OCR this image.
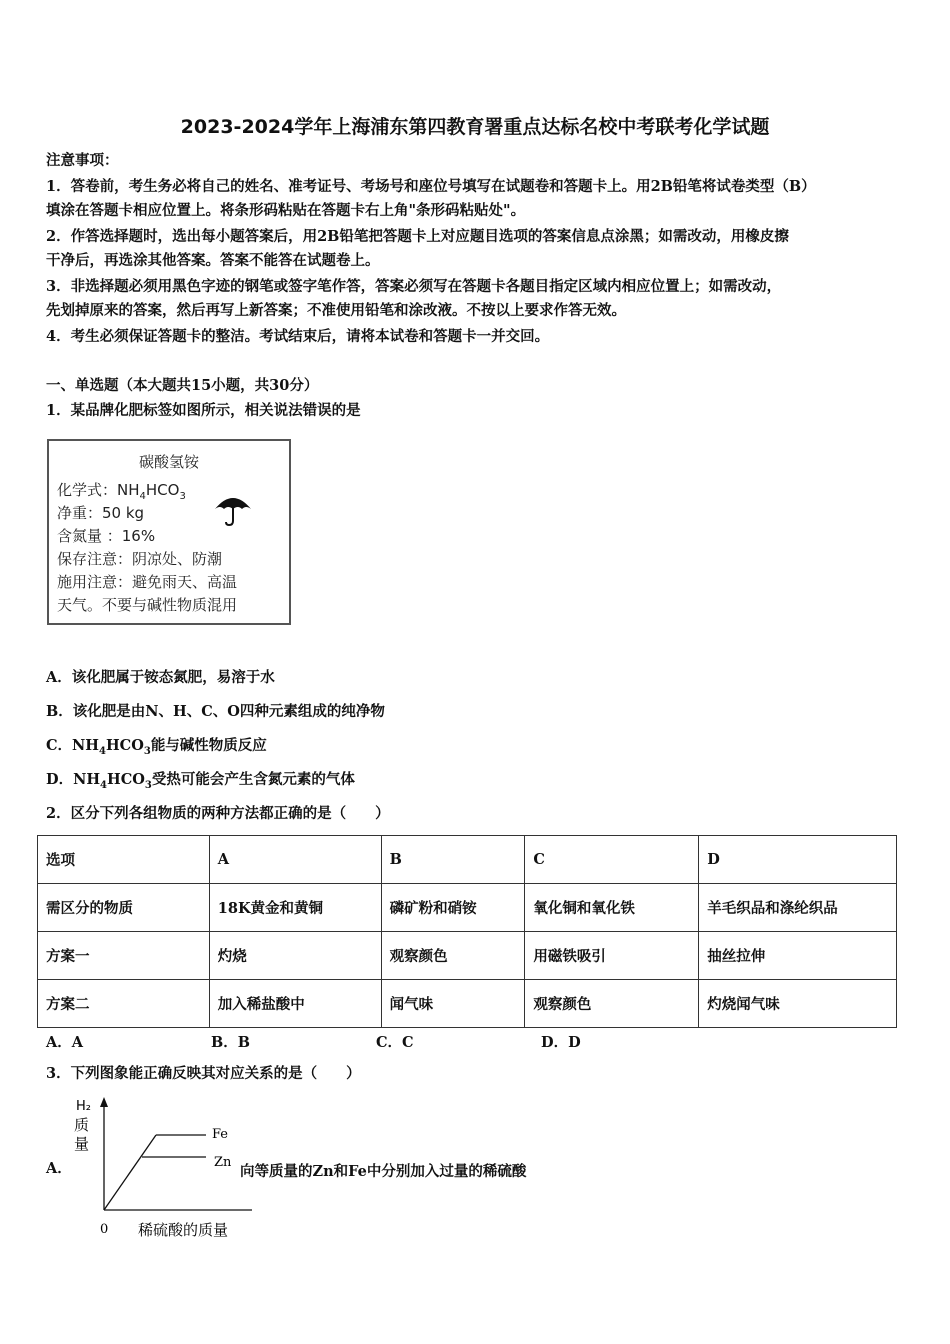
2023-2024学年上海浦东第四教育署重点达标名校中考联考化学试题
注意事项：
1．答卷前，考生务必将自己的姓名、准考证号、考场号和座位号填写在试题卷和答题卡上。用2B铅笔将试卷类型（B）
填涂在答题卡相应位置上。将条形码粘贴在答题卡右上角"条形码粘贴处"。
2．作答选择题时，选出每小题答案后，用2B铅笔把答题卡上对应题目选项的答案信息点涂黑；如需改动，用橡皮擦
干净后，再选涂其他答案。答案不能答在试题卷上。
3．非选择题必须用黑色字迹的钢笔或签字笔作答，答案必须写在答题卡各题目指定区域内相应位置上；如需改动，
先划掉原来的答案，然后再写上新答案；不准使用铅笔和涂改液。不按以上要求作答无效。
4．考生必须保证答题卡的整洁。考试结束后，请将本试卷和答题卡一并交回。
一、单选题（本大题共15小题，共30分）
1．某品牌化肥标签如图所示，相关说法错误的是
碳酸氢铵
化学式：$NH_4HCO_3$
净重：50 kg
含氮量 ：16%
保存注意：阴凉处、防潮
施用注意：避免雨天、高温
天气。不要与碱性物质混用
A．该化肥属于铵态氮肥，易溶于水
B．该化肥是由N、H、C、O四种元素组成的纯净物
C．$NH_4HCO_3$能与碱性物质反应
D．$NH_4HCO_3$受热可能会产生含氮元素的气体
2．区分下列各组物质的两种方法都正确的是（　　）
选项	A	B	C	D
需区分的物质	18K黄金和黄铜	磷矿粉和硝铵	氧化铜和氧化铁	羊毛织品和涤纶织品
方案一	灼烧	观察颜色	用磁铁吸引	抽丝拉伸
方案二	加入稀盐酸中	闻气味	观察颜色	灼烧闻气味
A．A	B．B	C．C	D．D
3．下列图象能正确反映其对应关系的是（　　）
A．
H₂
质
量
Fe
Zn
0 稀硫酸的质量
向等质量的Zn和Fe中分别加入过量的稀硫酸
